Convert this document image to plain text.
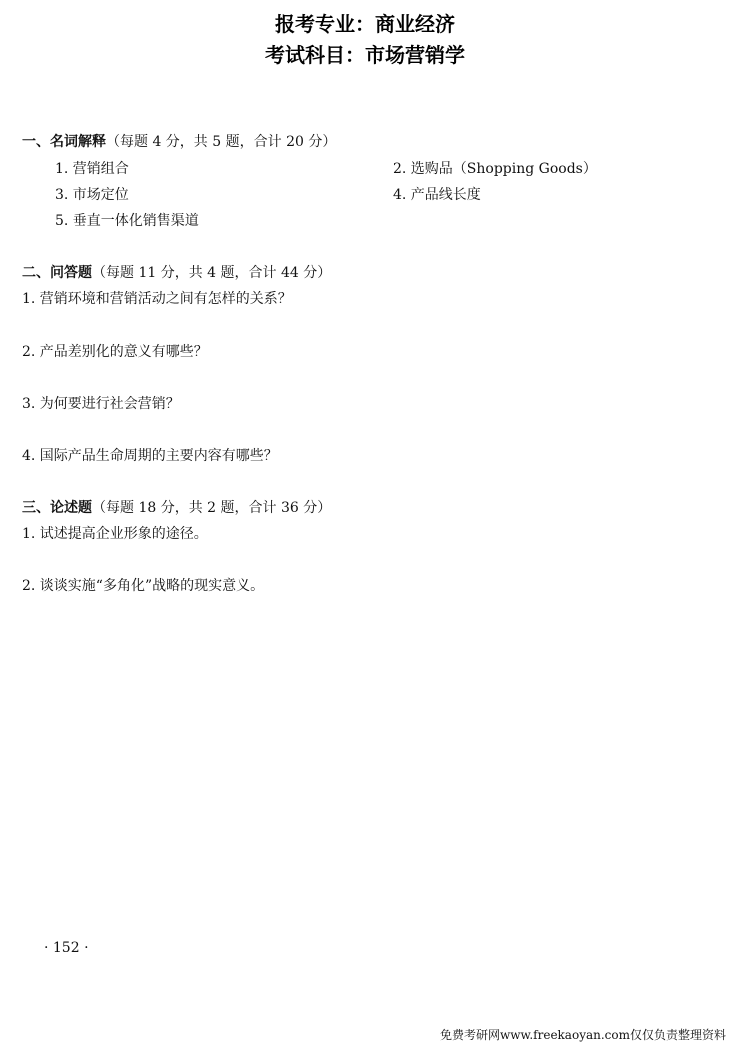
报考专业：商业经济
考试科目：市场营销学
一、名词解释（每题 4 分，共 5 题，合计 20 分）
1. 营销组合	2. 选购品（Shopping Goods）
3. 市场定位	4. 产品线长度
5. 垂直一体化销售渠道
二、问答题（每题 11 分，共 4 题，合计 44 分）
1. 营销环境和营销活动之间有怎样的关系？
2. 产品差别化的意义有哪些？
3. 为何要进行社会营销？
4. 国际产品生命周期的主要内容有哪些？
三、论述题（每题 18 分，共 2 题，合计 36 分）
1. 试述提高企业形象的途径。
2. 谈谈实施“多角化”战略的现实意义。
· 152 ·
免费考研网www.freekaoyan.com仅仅负责整理资料
